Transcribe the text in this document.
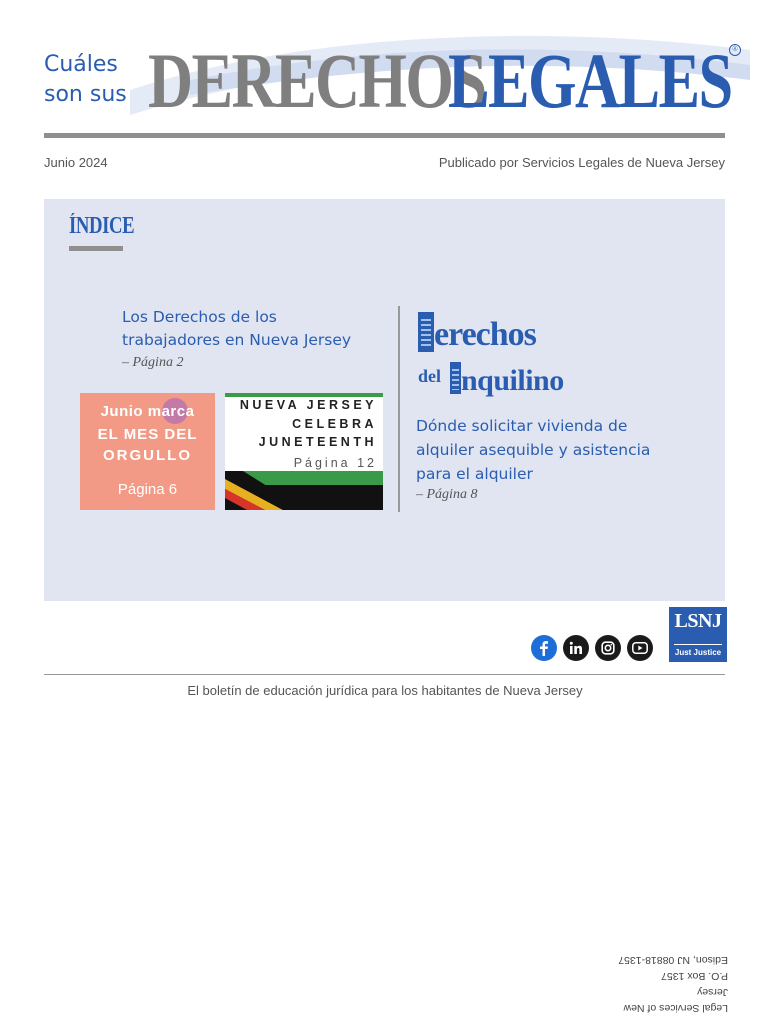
Cuáles
son sus DERECHOS
LEGALES ®
Junio 2024	Publicado por Servicios Legales de Nueva Jersey
ÍNDICE
Los Derechos de los trabajadores en Nueva Jersey
– Página 2
Junio marca
EL MES DEL
ORGULLO
Página 6
NUEVA JERSEY
CELEBRA
JUNETEENTH
Página 12
erechos
del nquilino
Dónde solicitar vivienda de alquiler asequible y asistencia para el alquiler
– Página 8
LSNJ
Just Justice
El boletín de educación jurídica para los habitantes de Nueva Jersey
Legal Services of New Jersey
P.O. Box 1357
Edison, NJ 08818-1357
